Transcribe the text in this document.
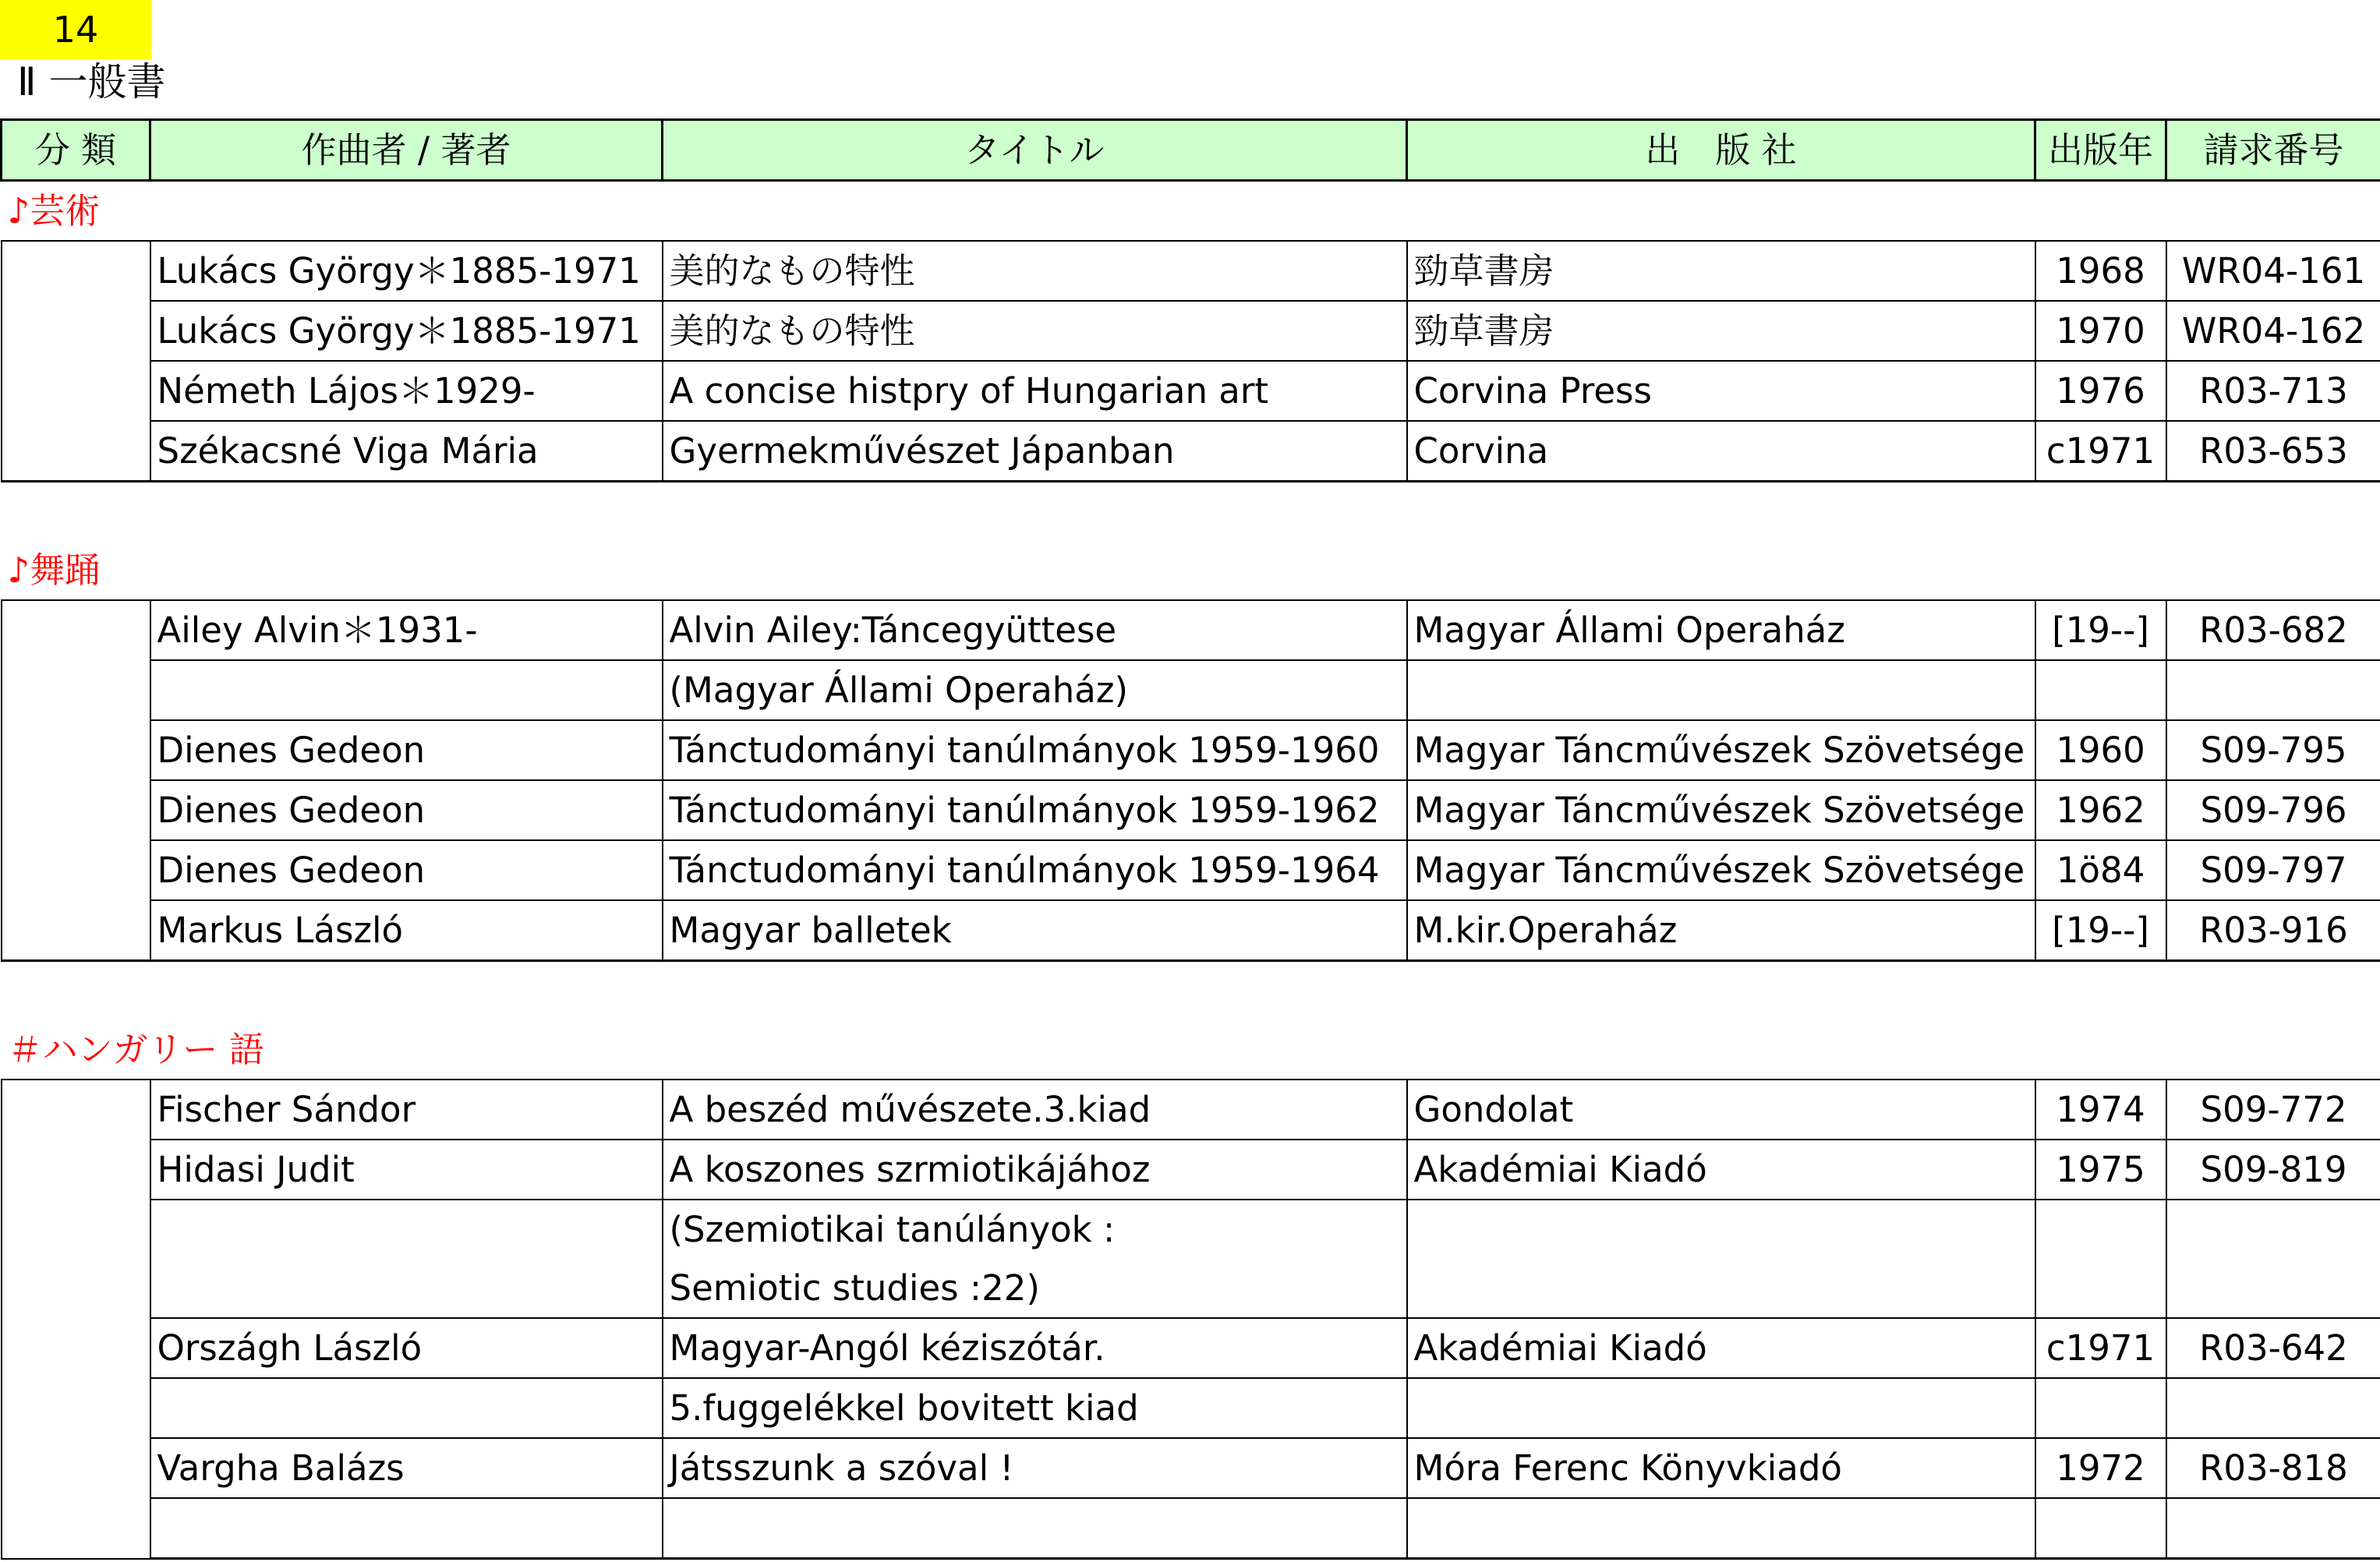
14
Ⅱ 一般書
分 類	作曲者 / 著者	タイトル	出　版 社	出版年	請求番号
♪芸術					
	Lukács György＊1885-1971	美的なもの特性	勁草書房	1968	WR04-161
	Lukács György＊1885-1971	美的なもの特性	勁草書房	1970	WR04-162
	Németh Lájos＊1929-	A concise histpry of Hungarian art	Corvina Press	1976	R03-713
	Székacsné Viga Mária	Gyermekművészet Jápanban	Corvina	c1971	R03-653

♪舞踊					
	Ailey Alvin＊1931-	Alvin Ailey:Táncegyüttese	Magyar Állami Operaház	[19--]	R03-682
		(Magyar Állami Operaház)			
	Dienes Gedeon	Tánctudományi tanúlmányok 1959-1960	Magyar Táncművészek Szövetsége	1960	S09-795
	Dienes Gedeon	Tánctudományi tanúlmányok 1959-1962	Magyar Táncművészek Szövetsége	1962	S09-796
	Dienes Gedeon	Tánctudományi tanúlmányok 1959-1964	Magyar Táncművészek Szövetsége	1ö84	S09-797
	Markus László	Magyar balletek	M.kir.Operaház	[19--]	R03-916

＃ハンガリー 語					
	Fischer Sándor	A beszéd művészete.3.kiad	Gondolat	1974	S09-772
	Hidasi Judit	A koszones szrmiotikájához	Akadémiai Kiadó	1975	S09-819
		(Szemiotikai tanúlányok :			
		Semiotic studies :22)			
	Országh László	Magyar-Angól kéziszótár.	Akadémiai Kiadó	c1971	R03-642
		5.fuggelékkel bovitett kiad			
	Vargha Balázs	Játsszunk a szóval !	Móra Ferenc Könyvkiadó	1972	R03-818
